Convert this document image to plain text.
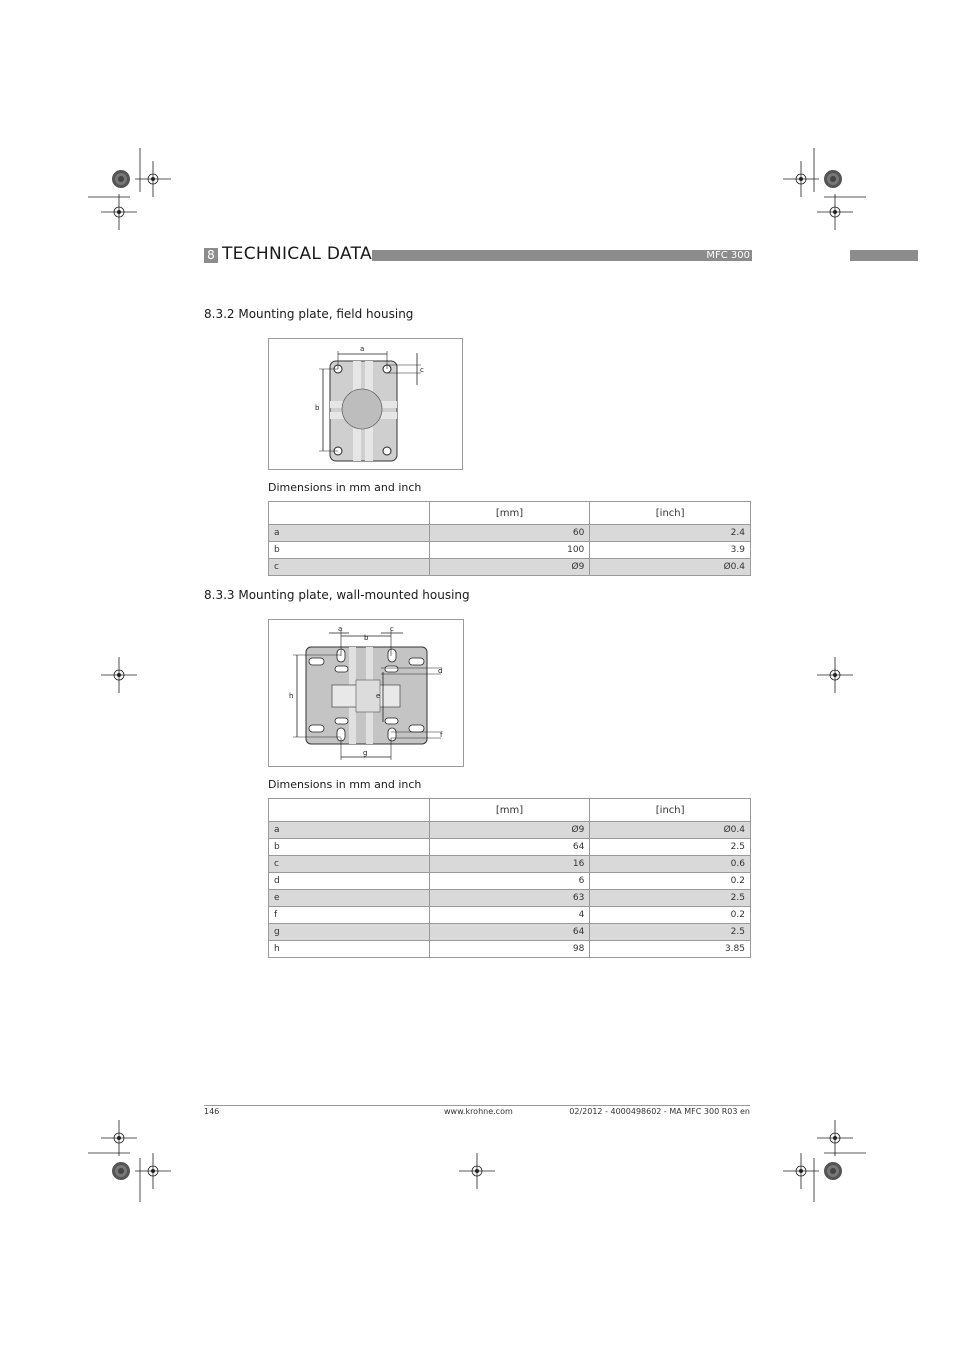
8 TECHNICAL DATA	MFC 300
8.3.2 Mounting plate, field housing
a
b
c
Dimensions in mm and inch
	[mm]	[inch]
a	60	2.4
b	100	3.9
c	Ø9	Ø0.4
8.3.3 Mounting plate, wall-mounted housing
a
b
c
d
e
f
g
h
Dimensions in mm and inch
	[mm]	[inch]
a	Ø9	Ø0.4
b	64	2.5
c	16	0.6
d	6	0.2
e	63	2.5
f	4	0.2
g	64	2.5
h	98	3.85
146	www.krohne.com	02/2012 - 4000498602 - MA MFC 300 R03 en
